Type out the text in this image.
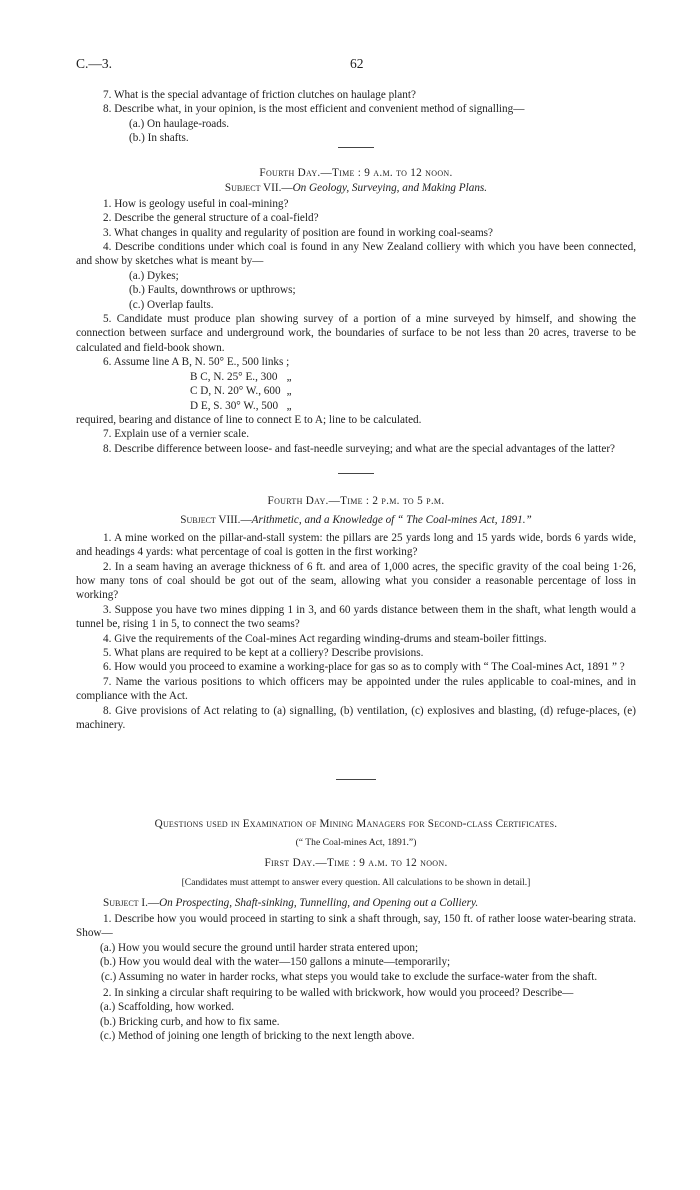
C.—3.	62

7. What is the special advantage of friction clutches on haulage plant?

8. Describe what, in your opinion, is the most efficient and convenient method of signalling—

(a.) On haulage-roads.

(b.) In shafts.

Fourth Day.—Time : 9 a.m. to 12 noon.

Subject VII.—On Geology, Surveying, and Making Plans.

1. How is geology useful in coal-mining?

2. Describe the general structure of a coal-field?

3. What changes in quality and regularity of position are found in working coal-seams?

4. Describe conditions under which coal is found in any New Zealand colliery with which you have been connected, and show by sketches what is meant by—

(a.) Dykes;

(b.) Faults, downthrows or upthrows;

(c.) Overlap faults.

5. Candidate must produce plan showing survey of a portion of a mine surveyed by himself, and showing the connection between surface and underground work, the boundaries of surface to be not less than 20 acres, traverse to be calculated and field-book shown.

6. Assume line A B, N. 50° E., 500 links ;

B C, N. 25° E., 300	„
C D, N. 20° W., 600	„
D E, S. 30° W., 500	„

required, bearing and distance of line to connect E to A; line to be calculated.

7. Explain use of a vernier scale.

8. Describe difference between loose- and fast-needle surveying; and what are the special advantages of the latter?

Fourth Day.—Time : 2 p.m. to 5 p.m.

Subject VIII.—Arithmetic, and a Knowledge of “ The Coal-mines Act, 1891.”

1. A mine worked on the pillar-and-stall system: the pillars are 25 yards long and 15 yards wide, bords 6 yards wide, and headings 4 yards: what percentage of coal is gotten in the first working?

2. In a seam having an average thickness of 6 ft. and area of 1,000 acres, the specific gravity of the coal being 1·26, how many tons of coal should be got out of the seam, allowing what you consider a reasonable percentage of loss in working?

3. Suppose you have two mines dipping 1 in 3, and 60 yards distance between them in the shaft, what length would a tunnel be, rising 1 in 5, to connect the two seams?

4. Give the requirements of the Coal-mines Act regarding winding-drums and steam-boiler fittings.

5. What plans are required to be kept at a colliery? Describe provisions.

6. How would you proceed to examine a working-place for gas so as to comply with “ The Coal-mines Act, 1891 ” ?

7. Name the various positions to which officers may be appointed under the rules applicable to coal-mines, and in compliance with the Act.

8. Give provisions of Act relating to (a) signalling, (b) ventilation, (c) explosives and blasting, (d) refuge-places, (e) machinery.

Questions used in Examination of Mining Managers for Second-class Certificates.

(“ The Coal-mines Act, 1891.”)

First Day.—Time : 9 a.m. to 12 noon.

[Candidates must attempt to answer every question. All calculations to be shown in detail.]

Subject I.—On Prospecting, Shaft-sinking, Tunnelling, and Opening out a Colliery.

1. Describe how you would proceed in starting to sink a shaft through, say, 150 ft. of rather loose water-bearing strata. Show—

(a.) How you would secure the ground until harder strata entered upon;

(b.) How you would deal with the water—150 gallons a minute—temporarily;

(c.) Assuming no water in harder rocks, what steps you would take to exclude the surface-water from the shaft.

2. In sinking a circular shaft requiring to be walled with brickwork, how would you proceed? Describe—

(a.) Scaffolding, how worked.

(b.) Bricking curb, and how to fix same.

(c.) Method of joining one length of bricking to the next length above.
